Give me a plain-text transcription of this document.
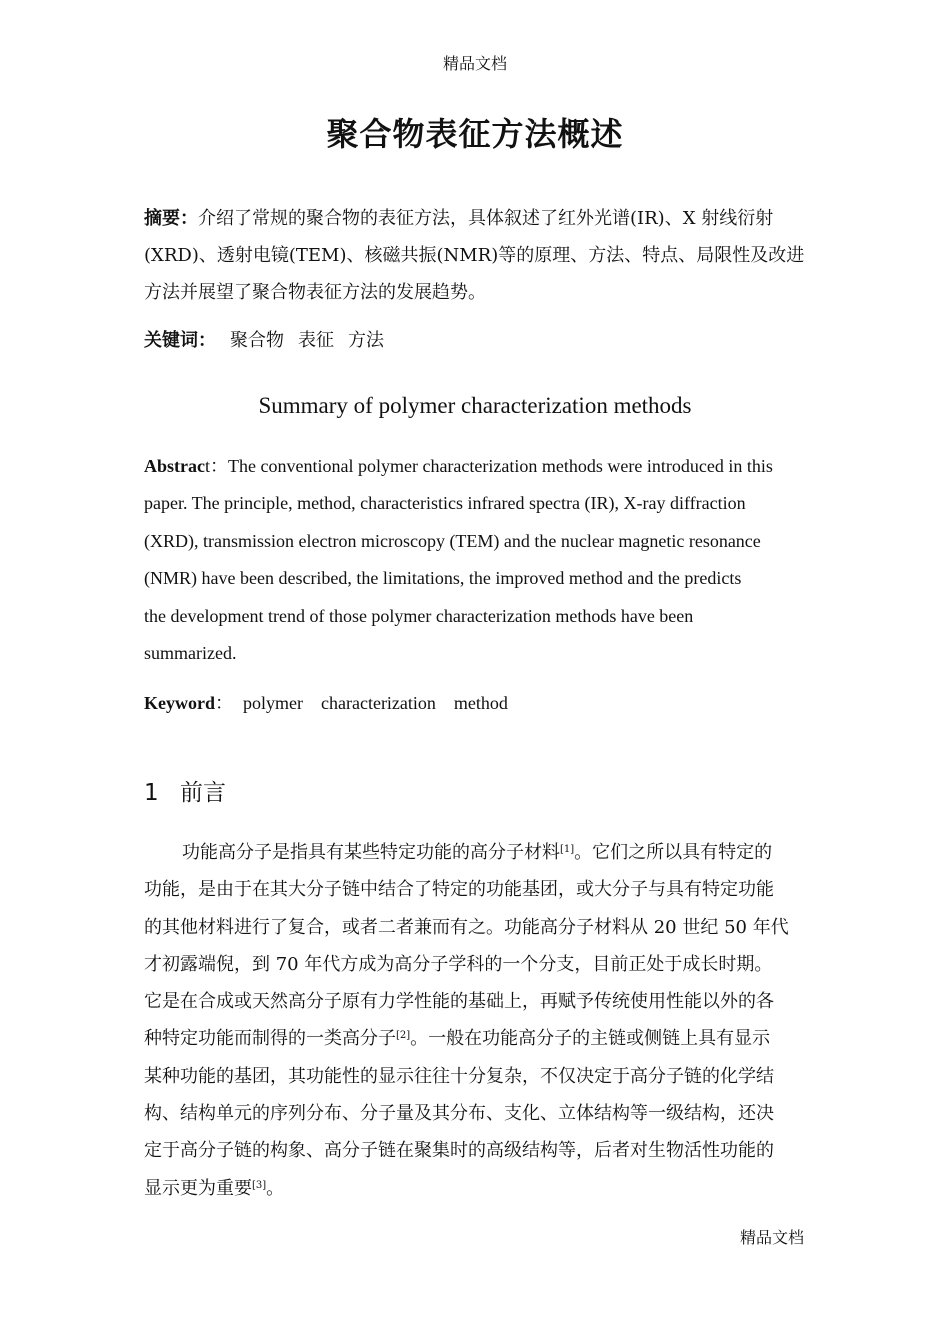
精品文档
聚合物表征方法概述

摘要：介绍了常规的聚合物的表征方法，具体叙述了红外光谱(IR)、X 射线衍射(XRD)、透射电镜(TEM)、核磁共振(NMR)等的原理、方法、特点、局限性及改进方法并展望了聚合物表征方法的发展趋势。

关键词： 聚合物 表征 方法

Summary of polymer characterization methods

Abstract：The conventional polymer characterization methods were introduced in this
paper. The principle, method, characteristics infrared spectra (IR), X-ray diffraction
(XRD), transmission electron microscopy (TEM) and the nuclear magnetic resonance
(NMR) have been described, the limitations, the improved method and the predicts
the development trend of those polymer characterization methods have been
summarized.

Keyword： polymer characterization method

1 前言

功能高分子是指具有某些特定功能的高分子材料[1]。它们之所以具有特定的
功能，是由于在其大分子链中结合了特定的功能基团，或大分子与具有特定功能
的其他材料进行了复合，或者二者兼而有之。功能高分子材料从 20 世纪 50 年代
才初露端倪，到 70 年代方成为高分子学科的一个分支，目前正处于成长时期。
它是在合成或天然高分子原有力学性能的基础上，再赋予传统使用性能以外的各
种特定功能而制得的一类高分子[2]。一般在功能高分子的主链或侧链上具有显示
某种功能的基团，其功能性的显示往往十分复杂，不仅决定于高分子链的化学结
构、结构单元的序列分布、分子量及其分布、支化、立体结构等一级结构，还决
定于高分子链的构象、高分子链在聚集时的高级结构等，后者对生物活性功能的
显示更为重要[3]。

精品文档
